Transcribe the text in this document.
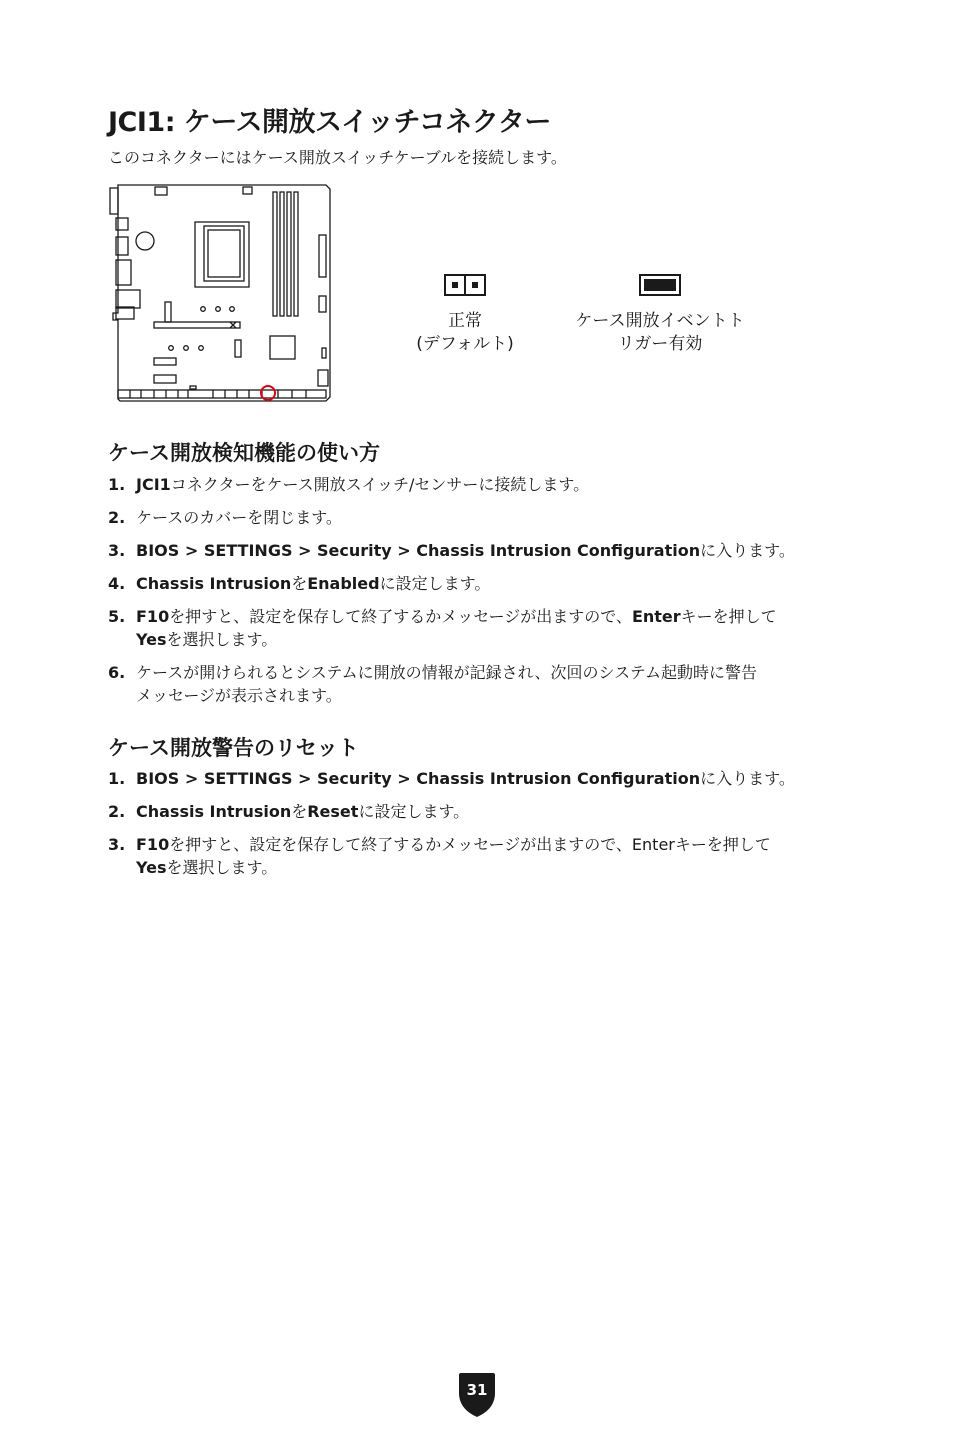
JCI1: ケース開放スイッチコネクター
このコネクターにはケース開放スイッチケーブルを接続します。
正常
(デフォルト)
ケース開放イベントト
リガー有効
ケース開放検知機能の使い方
1. JCI1コネクターをケース開放スイッチ/センサーに接続します。
2. ケースのカバーを閉じます。
3. BIOS > SETTINGS > Security > Chassis Intrusion Configurationに入ります。
4. Chassis IntrusionをEnabledに設定します。
5. F10を押すと、設定を保存して終了するかメッセージが出ますので、Enterキーを押して
Yesを選択します。
6. ケースが開けられるとシステムに開放の情報が記録され、次回のシステム起動時に警告
メッセージが表示されます。
ケース開放警告のリセット
1. BIOS > SETTINGS > Security > Chassis Intrusion Configurationに入ります。
2. Chassis IntrusionをResetに設定します。
3. F10を押すと、設定を保存して終了するかメッセージが出ますので、Enterキーを押して
Yesを選択します。
31
